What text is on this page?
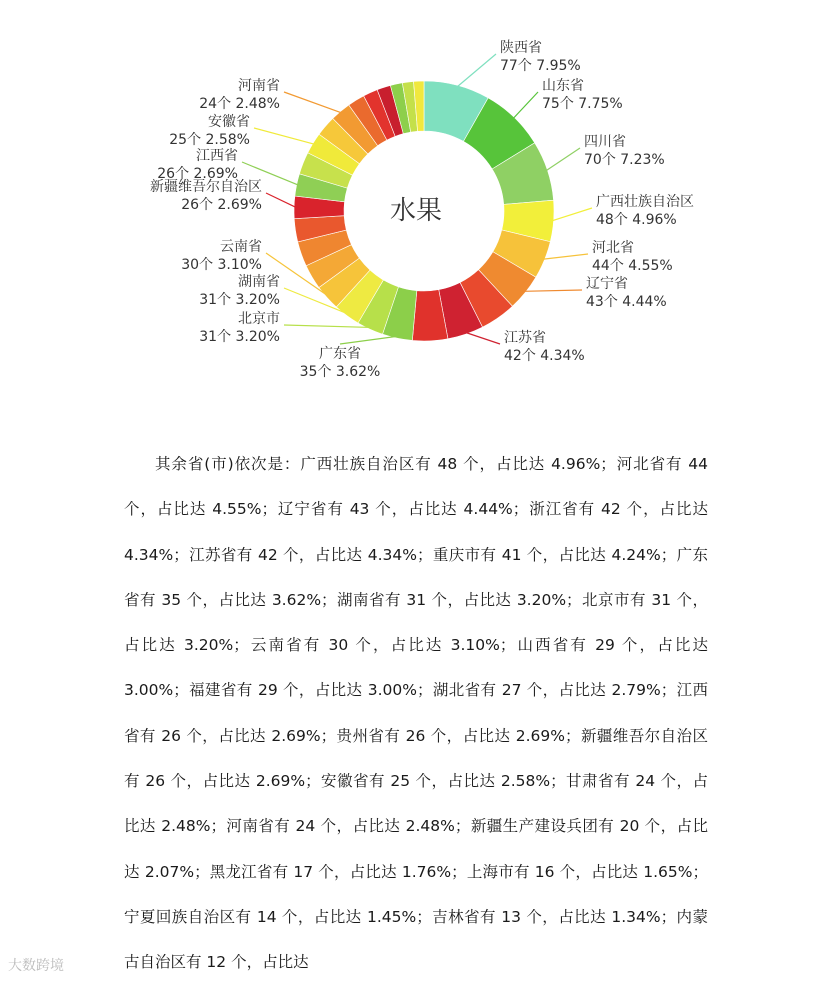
陕西省
77个 7.95%
山东省
75个 7.75%
四川省
70个 7.23%
广西壮族自治区
48个 4.96%
河北省
44个 4.55%
辽宁省
43个 4.44%
江苏省
42个 4.34%
广东省
35个 3.62%
北京市
31个 3.20%
湖南省
31个 3.20%
云南省
30个 3.10%
新疆维吾尔自治区
26个 2.69%
江西省
26个 2.69%
安徽省
25个 2.58%
河南省
24个 2.48%
水果

其余省(市)依次是：广西壮族自治区有 48 个，占比达 4.96%；河北省有 44 个，占比达 4.55%；辽宁省有 43 个，占比达 4.44%；浙江省有 42 个，占比达 4.34%；江苏省有 42 个，占比达 4.34%；重庆市有 41 个，占比达 4.24%；广东省有 35 个，占比达 3.62%；湖南省有 31 个，占比达 3.20%；北京市有 31 个，占比达 3.20%；云南省有 30 个，占比达 3.10%；山西省有 29 个，占比达 3.00%；福建省有 29 个，占比达 3.00%；湖北省有 27 个，占比达 2.79%；江西省有 26 个，占比达 2.69%；贵州省有 26 个，占比达 2.69%；新疆维吾尔自治区有 26 个，占比达 2.69%；安徽省有 25 个，占比达 2.58%；甘肃省有 24 个，占比达 2.48%；河南省有 24 个，占比达 2.48%；新疆生产建设兵团有 20 个，占比达 2.07%；黑龙江省有 17 个，占比达 1.76%；上海市有 16 个，占比达 1.65%；宁夏回族自治区有 14 个，占比达 1.45%；吉林省有 13 个，占比达 1.34%；内蒙古自治区有 12 个，占比达

大数跨境
